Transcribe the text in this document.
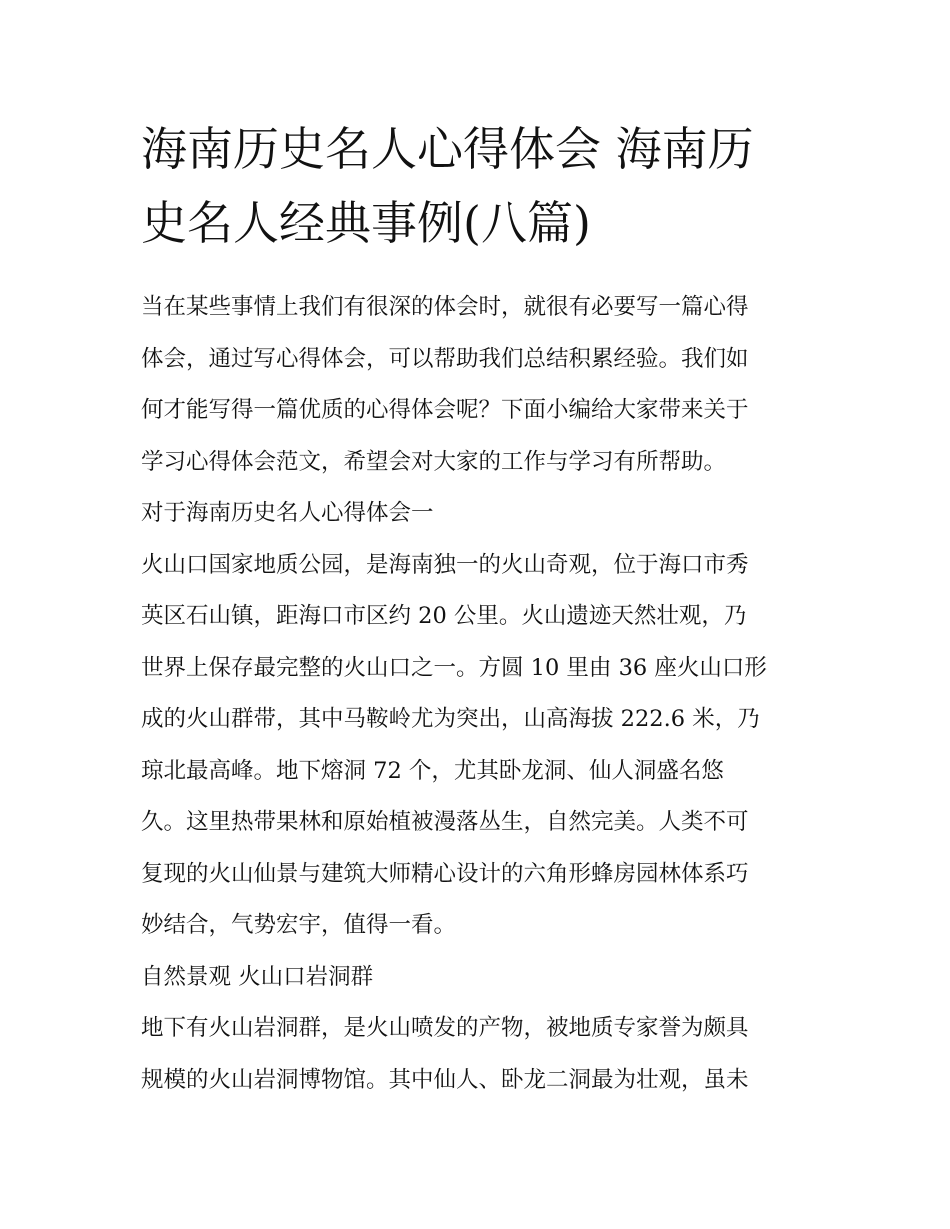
海南历史名人心得体会 海南历
史名人经典事例(八篇)

当在某些事情上我们有很深的体会时，就很有必要写一篇心得
体会，通过写心得体会，可以帮助我们总结积累经验。我们如
何才能写得一篇优质的心得体会呢？下面小编给大家带来关于
学习心得体会范文，希望会对大家的工作与学习有所帮助。

对于海南历史名人心得体会一

火山口国家地质公园，是海南独一的火山奇观，位于海口市秀
英区石山镇，距海口市区约 20 公里。火山遗迹天然壮观，乃
世界上保存最完整的火山口之一。方圆 10 里由 36 座火山口形
成的火山群带，其中马鞍岭尤为突出，山高海拔 222.6 米，乃
琼北最高峰。地下熔洞 72 个，尤其卧龙洞、仙人洞盛名悠
久。这里热带果林和原始植被漫落丛生，自然完美。人类不可
复现的火山仙景与建筑大师精心设计的六角形蜂房园林体系巧
妙结合，气势宏宇，值得一看。

自然景观 火山口岩洞群

地下有火山岩洞群，是火山喷发的产物，被地质专家誉为颇具
规模的火山岩洞博物馆。其中仙人、卧龙二洞最为壮观，虽未
